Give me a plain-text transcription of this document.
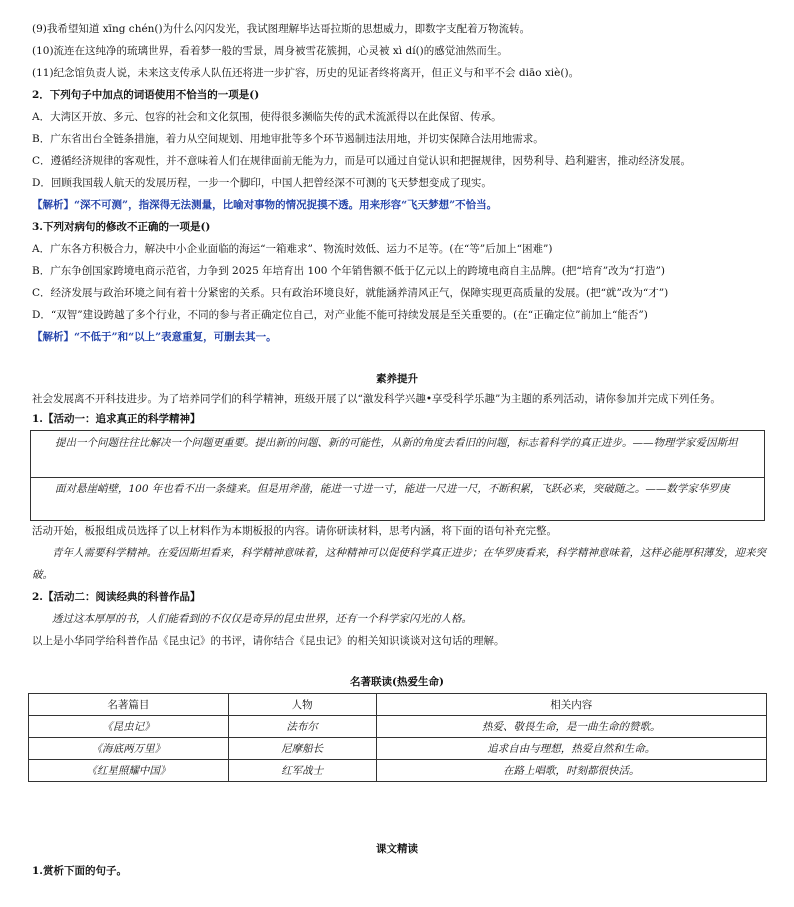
(9)我希望知道 xīng chén()为什么闪闪发光，我试图理解毕达哥拉斯的思想威力，即数字支配着万物流转。
(10)流连在这纯净的琉璃世界，看着梦一般的雪景，周身被雪花簇拥，心灵被 xì dí()的感觉油然而生。
(11)纪念馆负责人说，未来这支传承人队伍还将进一步扩容，历史的见证者终将离开，但正义与和平不会 diāo xiè()。
2．下列句子中加点的词语使用不恰当的一项是()
A．大湾区开放、多元、包容的社会和文化氛围，使得很多濒临失传的武术流派得以在此保留、传承。
B．广东省出台全链条措施，着力从空间规划、用地审批等多个环节遏制违法用地，并切实保障合法用地需求。
C．遵循经济规律的客观性，并不意味着人们在规律面前无能为力，而是可以通过自觉认识和把握规律，因势利导、趋利避害，推动经济发展。
D．回顾我国载人航天的发展历程，一步一个脚印，中国人把曾经深不可测的飞天梦想变成了现实。
【解析】“深不可测”，指深得无法测量，比喻对事物的情况捉摸不透。用来形容“飞天梦想”不恰当。
3.下列对病句的修改不正确的一项是()
A．广东各方积极合力，解决中小企业面临的海运“一箱难求”、物流时效低、运力不足等。(在“等”后加上“困难”)
B．广东争创国家跨境电商示范省，力争到 2025 年培育出 100 个年销售额不低于亿元以上的跨境电商自主品牌。(把“培育”改为“打造”)
C．经济发展与政治环境之间有着十分紧密的关系。只有政治环境良好，就能涵养清风正气，保障实现更高质量的发展。(把“就”改为“才”)
D．“双智”建设跨越了多个行业，不同的参与者正确定位自己，对产业能不能可持续发展是至关重要的。(在“正确定位”前加上“能否”)
【解析】“不低于”和“以上”表意重复，可删去其一。
素养提升
社会发展离不开科技进步。为了培养同学们的科学精神，班级开展了以“激发科学兴趣•享受科学乐趣”为主题的系列活动，请你参加并完成下列任务。
1.【活动一：追求真正的科学精神】
提出一个问题往往比解决一个问题更重要。提出新的问题、新的可能性，从新的角度去看旧的问题，标志着科学的真正进步。——物理学家爱因斯坦
面对悬崖峭壁，100 年也看不出一条缝来。但是用斧凿，能进一寸进一寸，能进一尺进一尺，不断积累，飞跃必来，突破随之。——数学家华罗庚
活动开始，板报组成员选择了以上材料作为本期板报的内容。请你研读材料，思考内涵，将下面的语句补充完整。
青年人需要科学精神。在爱因斯坦看来，科学精神意味着，这种精神可以促使科学真正进步；在华罗庚看来，科学精神意味着，这样必能厚积薄发，迎来突破。
2.【活动二：阅读经典的科普作品】
透过这本厚厚的书，人们能看到的不仅仅是奇异的昆虫世界，还有一个科学家闪光的人格。
以上是小华同学给科普作品《昆虫记》的书评，请你结合《昆虫记》的相关知识谈谈对这句话的理解。
名著联读(热爱生命)
名著篇目	人物	相关内容
《昆虫记》	法布尔	热爱、敬畏生命，是一曲生命的赞歌。
《海底两万里》	尼摩船长	追求自由与理想，热爱自然和生命。
《红星照耀中国》	红军战士	在路上唱歌，时刻都很快活。
课文精读
1.赏析下面的句子。
